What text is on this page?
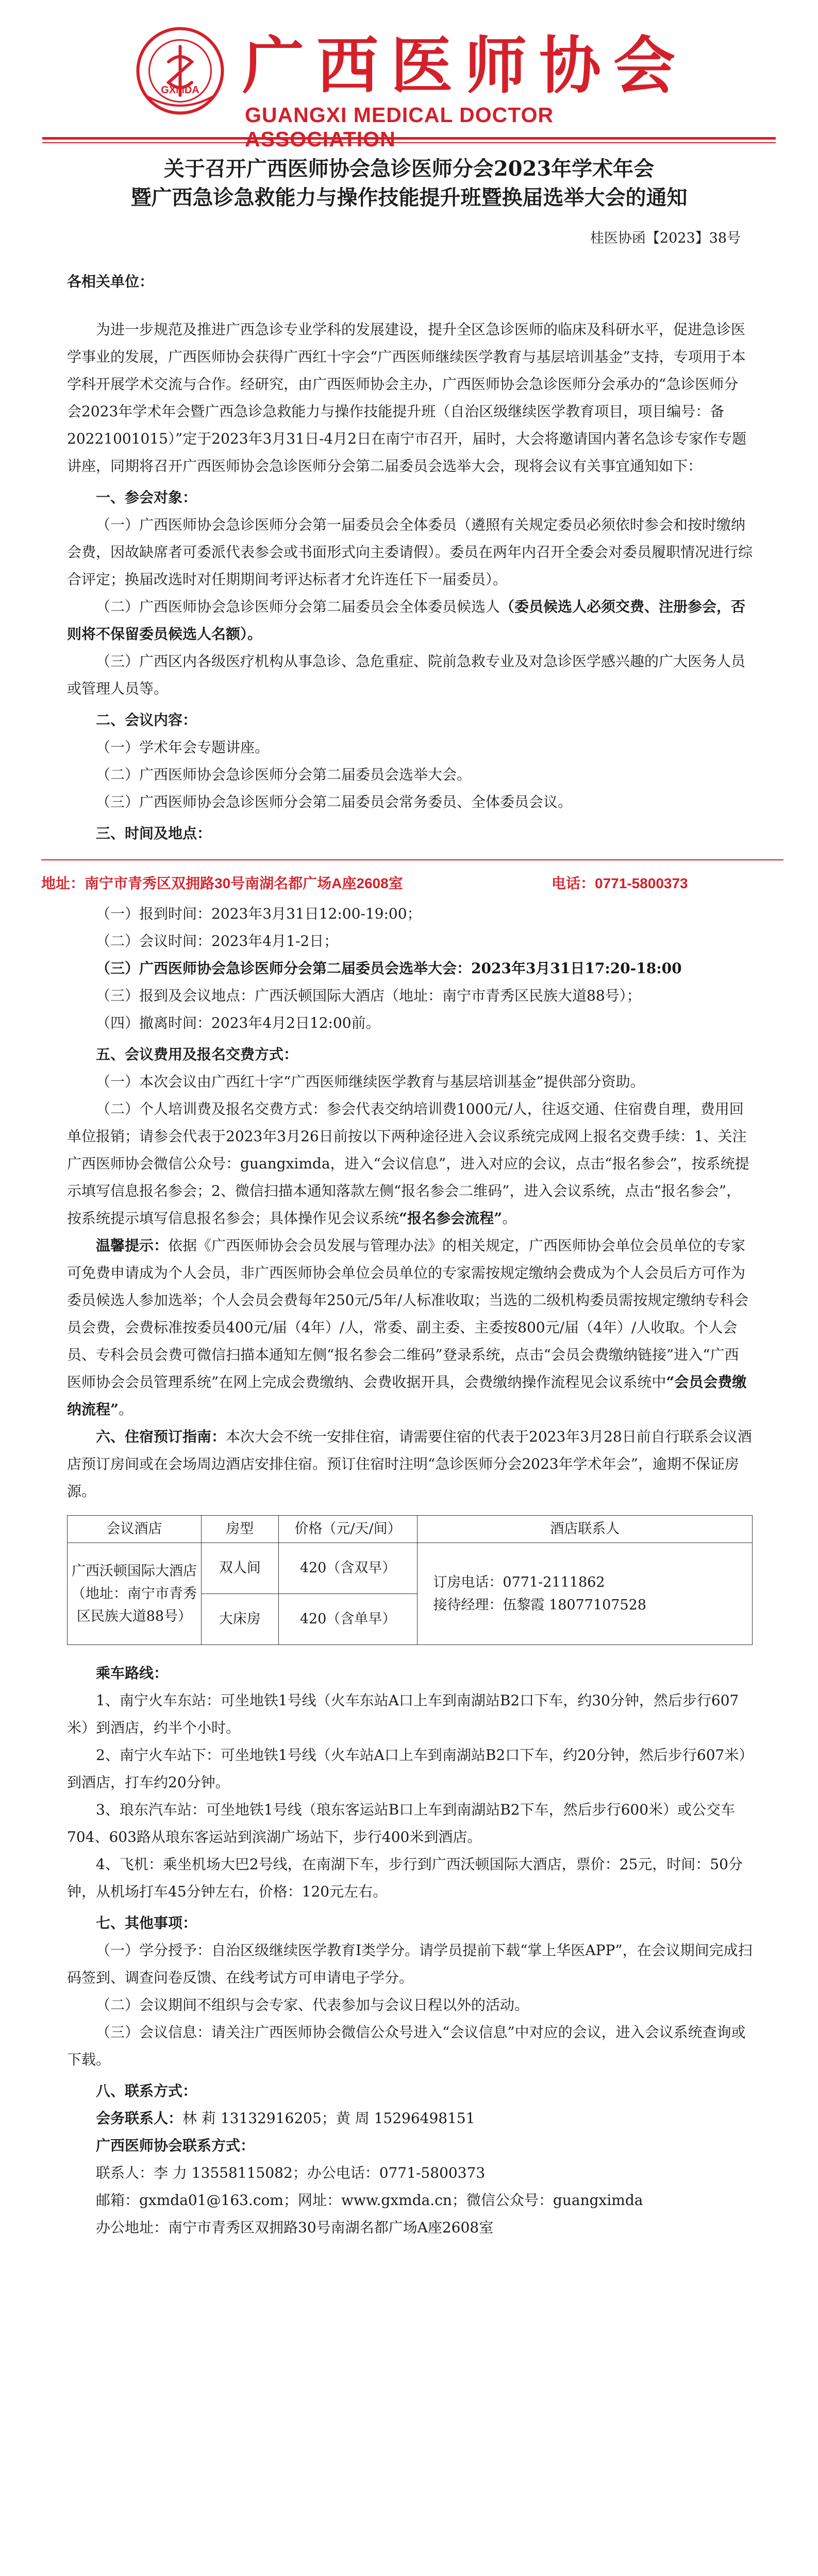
GXMDA 广西医师协会
GUANGXI MEDICAL DOCTOR
关于召开广西医师协会急诊医师分会2023年学术年会
暨广西急诊急救能力与操作技能提升班暨换届选举大会的通知
桂医协函【2023】38号

各相关单位：

为进一步规范及推进广西急诊专业学科的发展建设，提升全区急诊医师的临床及科研水平，促进急诊医学事业的发展，广西医师协会获得广西红十字会“广西医师继续医学教育与基层培训基金”支持，专项用于本学科开展学术交流与合作。经研究，由广西医师协会主办，广西医师协会急诊医师分会承办的“急诊医师分会2023年学术年会暨广西急诊急救能力与操作技能提升班（自治区级继续医学教育项目，项目编号：备20221001015）”定于2023年3月31日-4月2日在南宁市召开，届时，大会将邀请国内著名急诊专家作专题讲座，同期将召开广西医师协会急诊医师分会第二届委员会选举大会，现将会议有关事宜通知如下：

一、参会对象：

（一）广西医师协会急诊医师分会第一届委员会全体委员（遴照有关规定委员必须依时参会和按时缴纳会费，因故缺席者可委派代表参会或书面形式向主委请假）。委员在两年内召开全委会对委员履职情况进行综合评定；换届改选时对任期期间考评达标者才允许连任下一届委员）。

（二）广西医师协会急诊医师分会第二届委员会全体委员候选人（委员候选人必须交费、注册参会，否则将不保留委员候选人名额）。

（三）广西区内各级医疗机构从事急诊、急危重症、院前急救专业及对急诊医学感兴趣的广大医务人员或管理人员等。

二、会议内容：

（一）学术年会专题讲座。

（二）广西医师协会急诊医师分会第二届委员会选举大会。

（三）广西医师协会急诊医师分会第二届委员会常务委员、全体委员会议。

三、时间及地点：

地址：南宁市青秀区双拥路30号南湖名都广场A座2608室	电话：0771-5800373

（一）报到时间：2023年3月31日12:00-19:00；

（二）会议时间：2023年4月1-2日；

（三）广西医师协会急诊医师分会第二届委员会选举大会：2023年3月31日17:20-18:00

（三）报到及会议地点：广西沃顿国际大酒店（地址：南宁市青秀区民族大道88号）；

（四）撤离时间：2023年4月2日12:00前。

五、会议费用及报名交费方式：

（一）本次会议由广西红十字“广西医师继续医学教育与基层培训基金”提供部分资助。

（二）个人培训费及报名交费方式：参会代表交纳培训费1000元/人，往返交通、住宿费自理，费用回单位报销；请参会代表于2023年3月26日前按以下两种途径进入会议系统完成网上报名交费手续：1、关注广西医师协会微信公众号：guangximda，进入“会议信息”，进入对应的会议，点击“报名参会”，按系统提示填写信息报名参会；2、微信扫描本通知落款左侧“报名参会二维码”，进入会议系统，点击“报名参会”，按系统提示填写信息报名参会；具体操作见会议系统“报名参会流程”。

温馨提示：依据《广西医师协会会员发展与管理办法》的相关规定，广西医师协会单位会员单位的专家可免费申请成为个人会员，非广西医师协会单位会员单位的专家需按规定缴纳会费成为个人会员后方可作为委员候选人参加选举；个人会员会费每年250元/5年/人标准收取；当选的二级机构委员需按规定缴纳专科会员会费，会费标准按委员400元/届（4年）/人，常委、副主委、主委按800元/届（4年）/人收取。个人会员、专科会员会费可微信扫描本通知左侧“报名参会二维码”登录系统，点击“会员会费缴纳链接”进入“广西医师协会会员管理系统”在网上完成会费缴纳、会费收据开具，会费缴纳操作流程见会议系统中“会员会费缴纳流程”。

六、住宿预订指南：本次大会不统一安排住宿，请需要住宿的代表于2023年3月28日前自行联系会议酒店预订房间或在会场周边酒店安排住宿。预订住宿时注明“急诊医师分会2023年学术年会”，逾期不保证房源。

会议酒店	房型	价格（元/天/间）	酒店联系人
广西沃顿国际大酒店（地址：南宁市青秀区民族大道88号）	双人间	420（含双早）	订房电话：0771-2111862
接待经理：伍黎霞 18077107528

	大床房	420（含单早）	

乘车路线：

1、南宁火车东站：可坐地铁1号线（火车东站A口上车到南湖站B2口下车，约30分钟，然后步行607米）到酒店，约半个小时。

2、南宁火车站下：可坐地铁1号线（火车站A口上车到南湖站B2口下车，约20分钟，然后步行607米）到酒店，打车约20分钟。

3、琅东汽车站：可坐地铁1号线（琅东客运站B口上车到南湖站B2下车，然后步行600米）或公交车704、603路从琅东客运站到滨湖广场站下，步行400米到酒店。

4、飞机：乘坐机场大巴2号线，在南湖下车，步行到广西沃顿国际大酒店，票价：25元，时间：50分钟，从机场打车45分钟左右，价格：120元左右。

七、其他事项：

（一）学分授予：自治区级继续医学教育Ⅰ类学分。请学员提前下载“掌上华医APP”，在会议期间完成扫码签到、调查问卷反馈、在线考试方可申请电子学分。

（二）会议期间不组织与会专家、代表参加与会议日程以外的活动。

（三）会议信息：请关注广西医师协会微信公众号进入“会议信息”中对应的会议，进入会议系统查询或下载。

八、联系方式：

会务联系人：林 莉 13132916205；黄 周 15296498151

广西医师协会联系方式：

联系人：李 力 13558115082；办公电话：0771-5800373

邮箱：gxmda01@163.com；网址：www.gxmda.cn；微信公众号：guangximda

办公地址：南宁市青秀区双拥路30号南湖名都广场A座2608室
